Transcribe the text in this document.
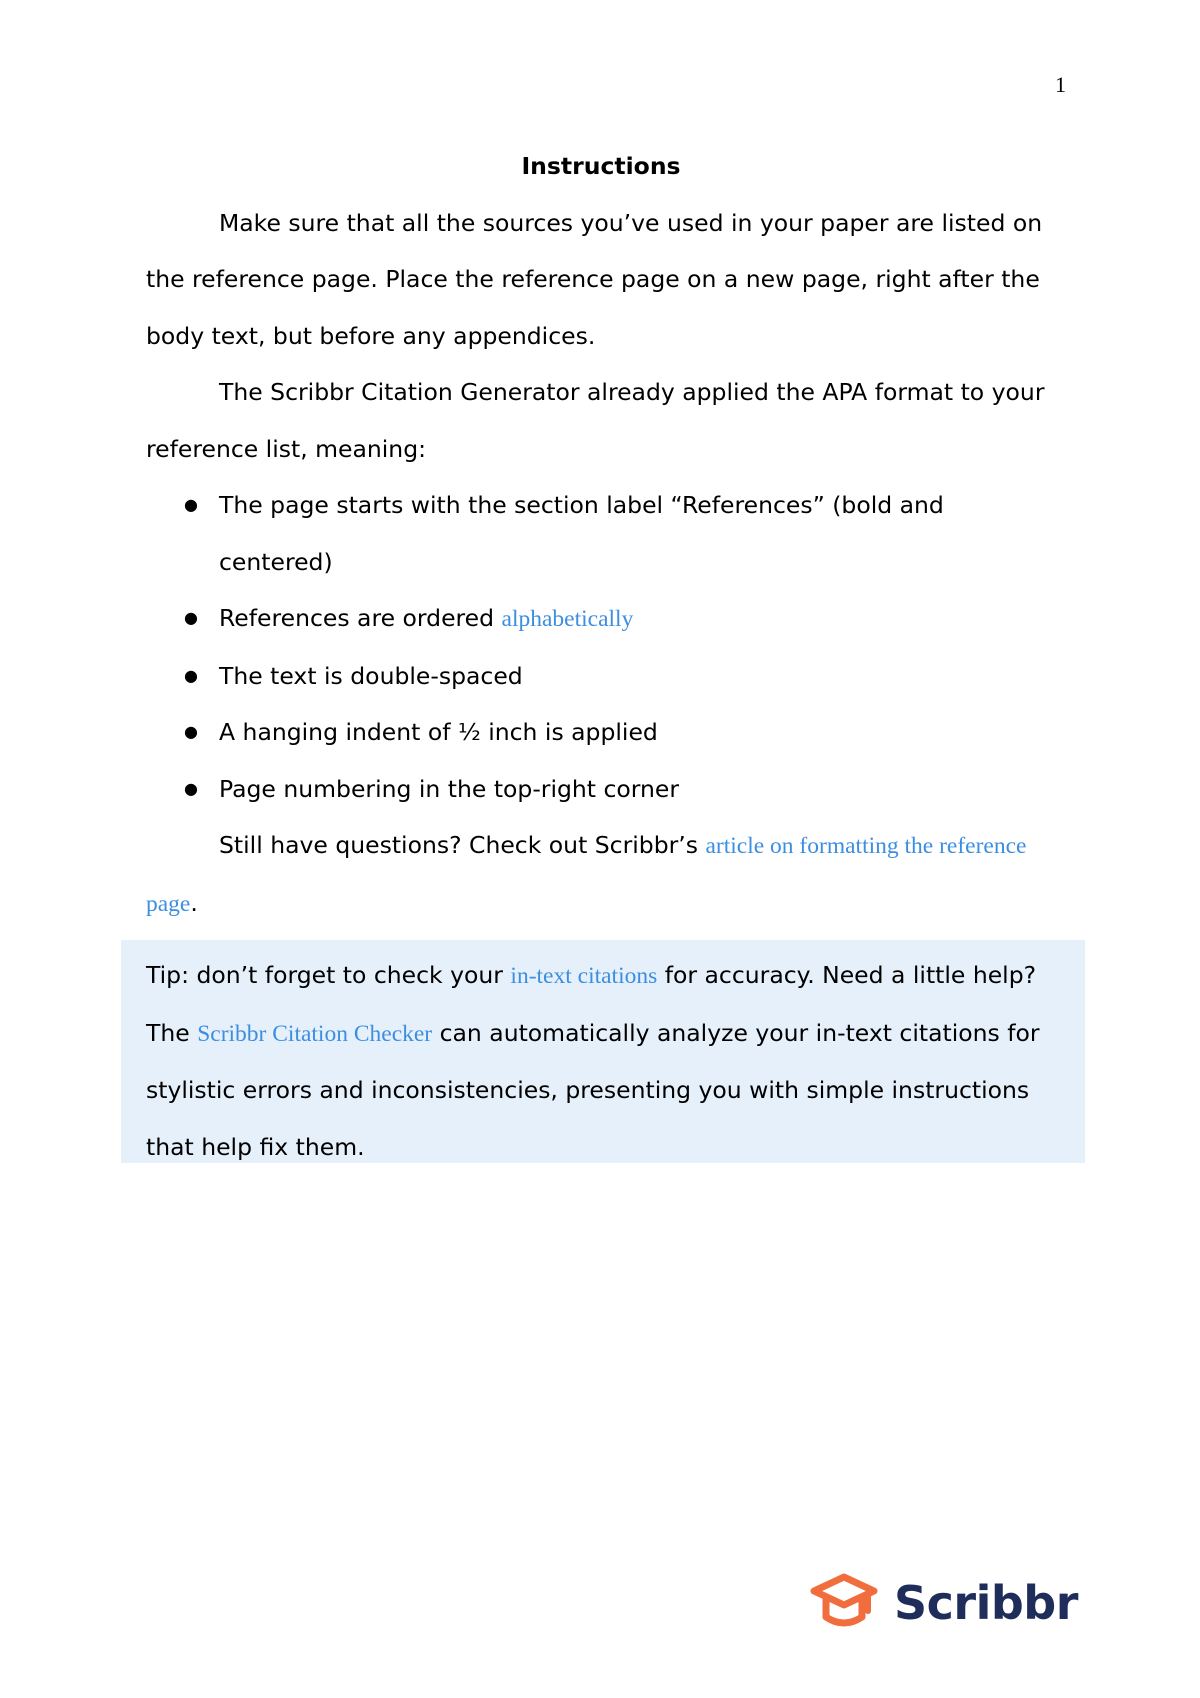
1

Instructions

Make sure that all the sources you’ve used in your paper are listed on the reference page. Place the reference page on a new page, right after the body text, but before any appendices.

The Scribbr Citation Generator already applied the APA format to your reference list, meaning:

● The page starts with the section label “References” (bold and centered)
● References are ordered alphabetically
● The text is double-spaced
● A hanging indent of ½ inch is applied
● Page numbering in the top-right corner

Still have questions? Check out Scribbr’s article on formatting the reference page.

Tip: don’t forget to check your in-text citations for accuracy. Need a little help? The Scribbr Citation Checker can automatically analyze your in-text citations for stylistic errors and inconsistencies, presenting you with simple instructions that help fix them.

Scribbr
